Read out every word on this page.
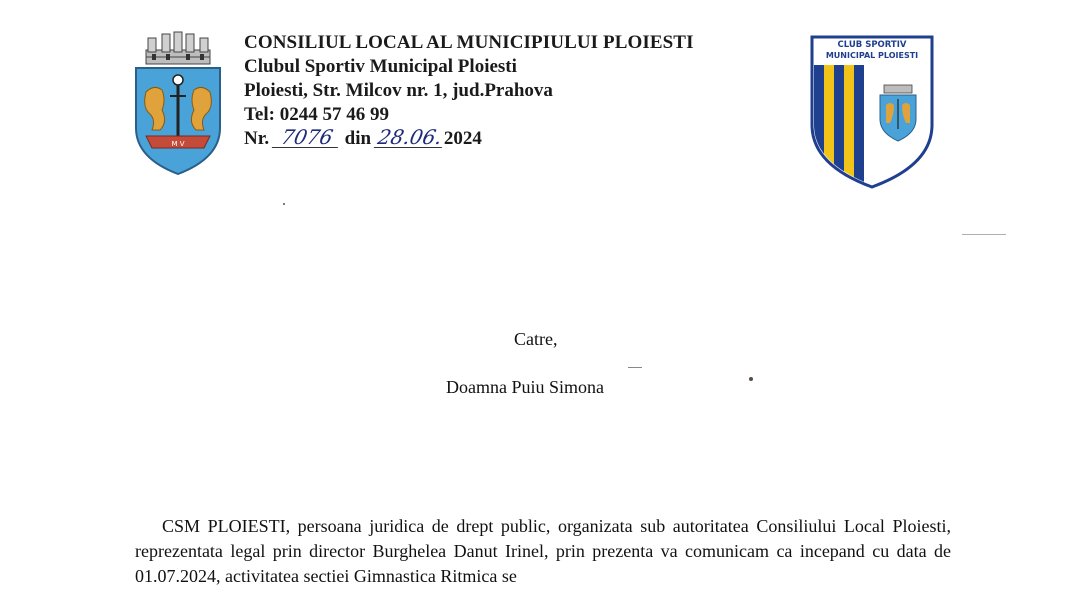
M V
CONSILIUL LOCAL AL MUNICIPIULUI PLOIESTI
Clubul Sportiv Municipal Ploiesti
Ploiesti, Str. Milcov nr. 1, jud.Prahova
Tel: 0244 57 46 99
Nr. 7076 din 28.06.2024
CLUB SPORTIV
MUNICIPAL PLOIESTI
Catre,
Doamna Puiu Simona

CSM PLOIESTI, persoana juridica de drept public, organizata sub autoritatea Consiliului Local Ploiesti, reprezentata legal prin director Burghelea Danut Irinel, prin prezenta va comunicam ca incepand cu data de 01.07.2024, activitatea sectiei Gimnastica Ritmica se
